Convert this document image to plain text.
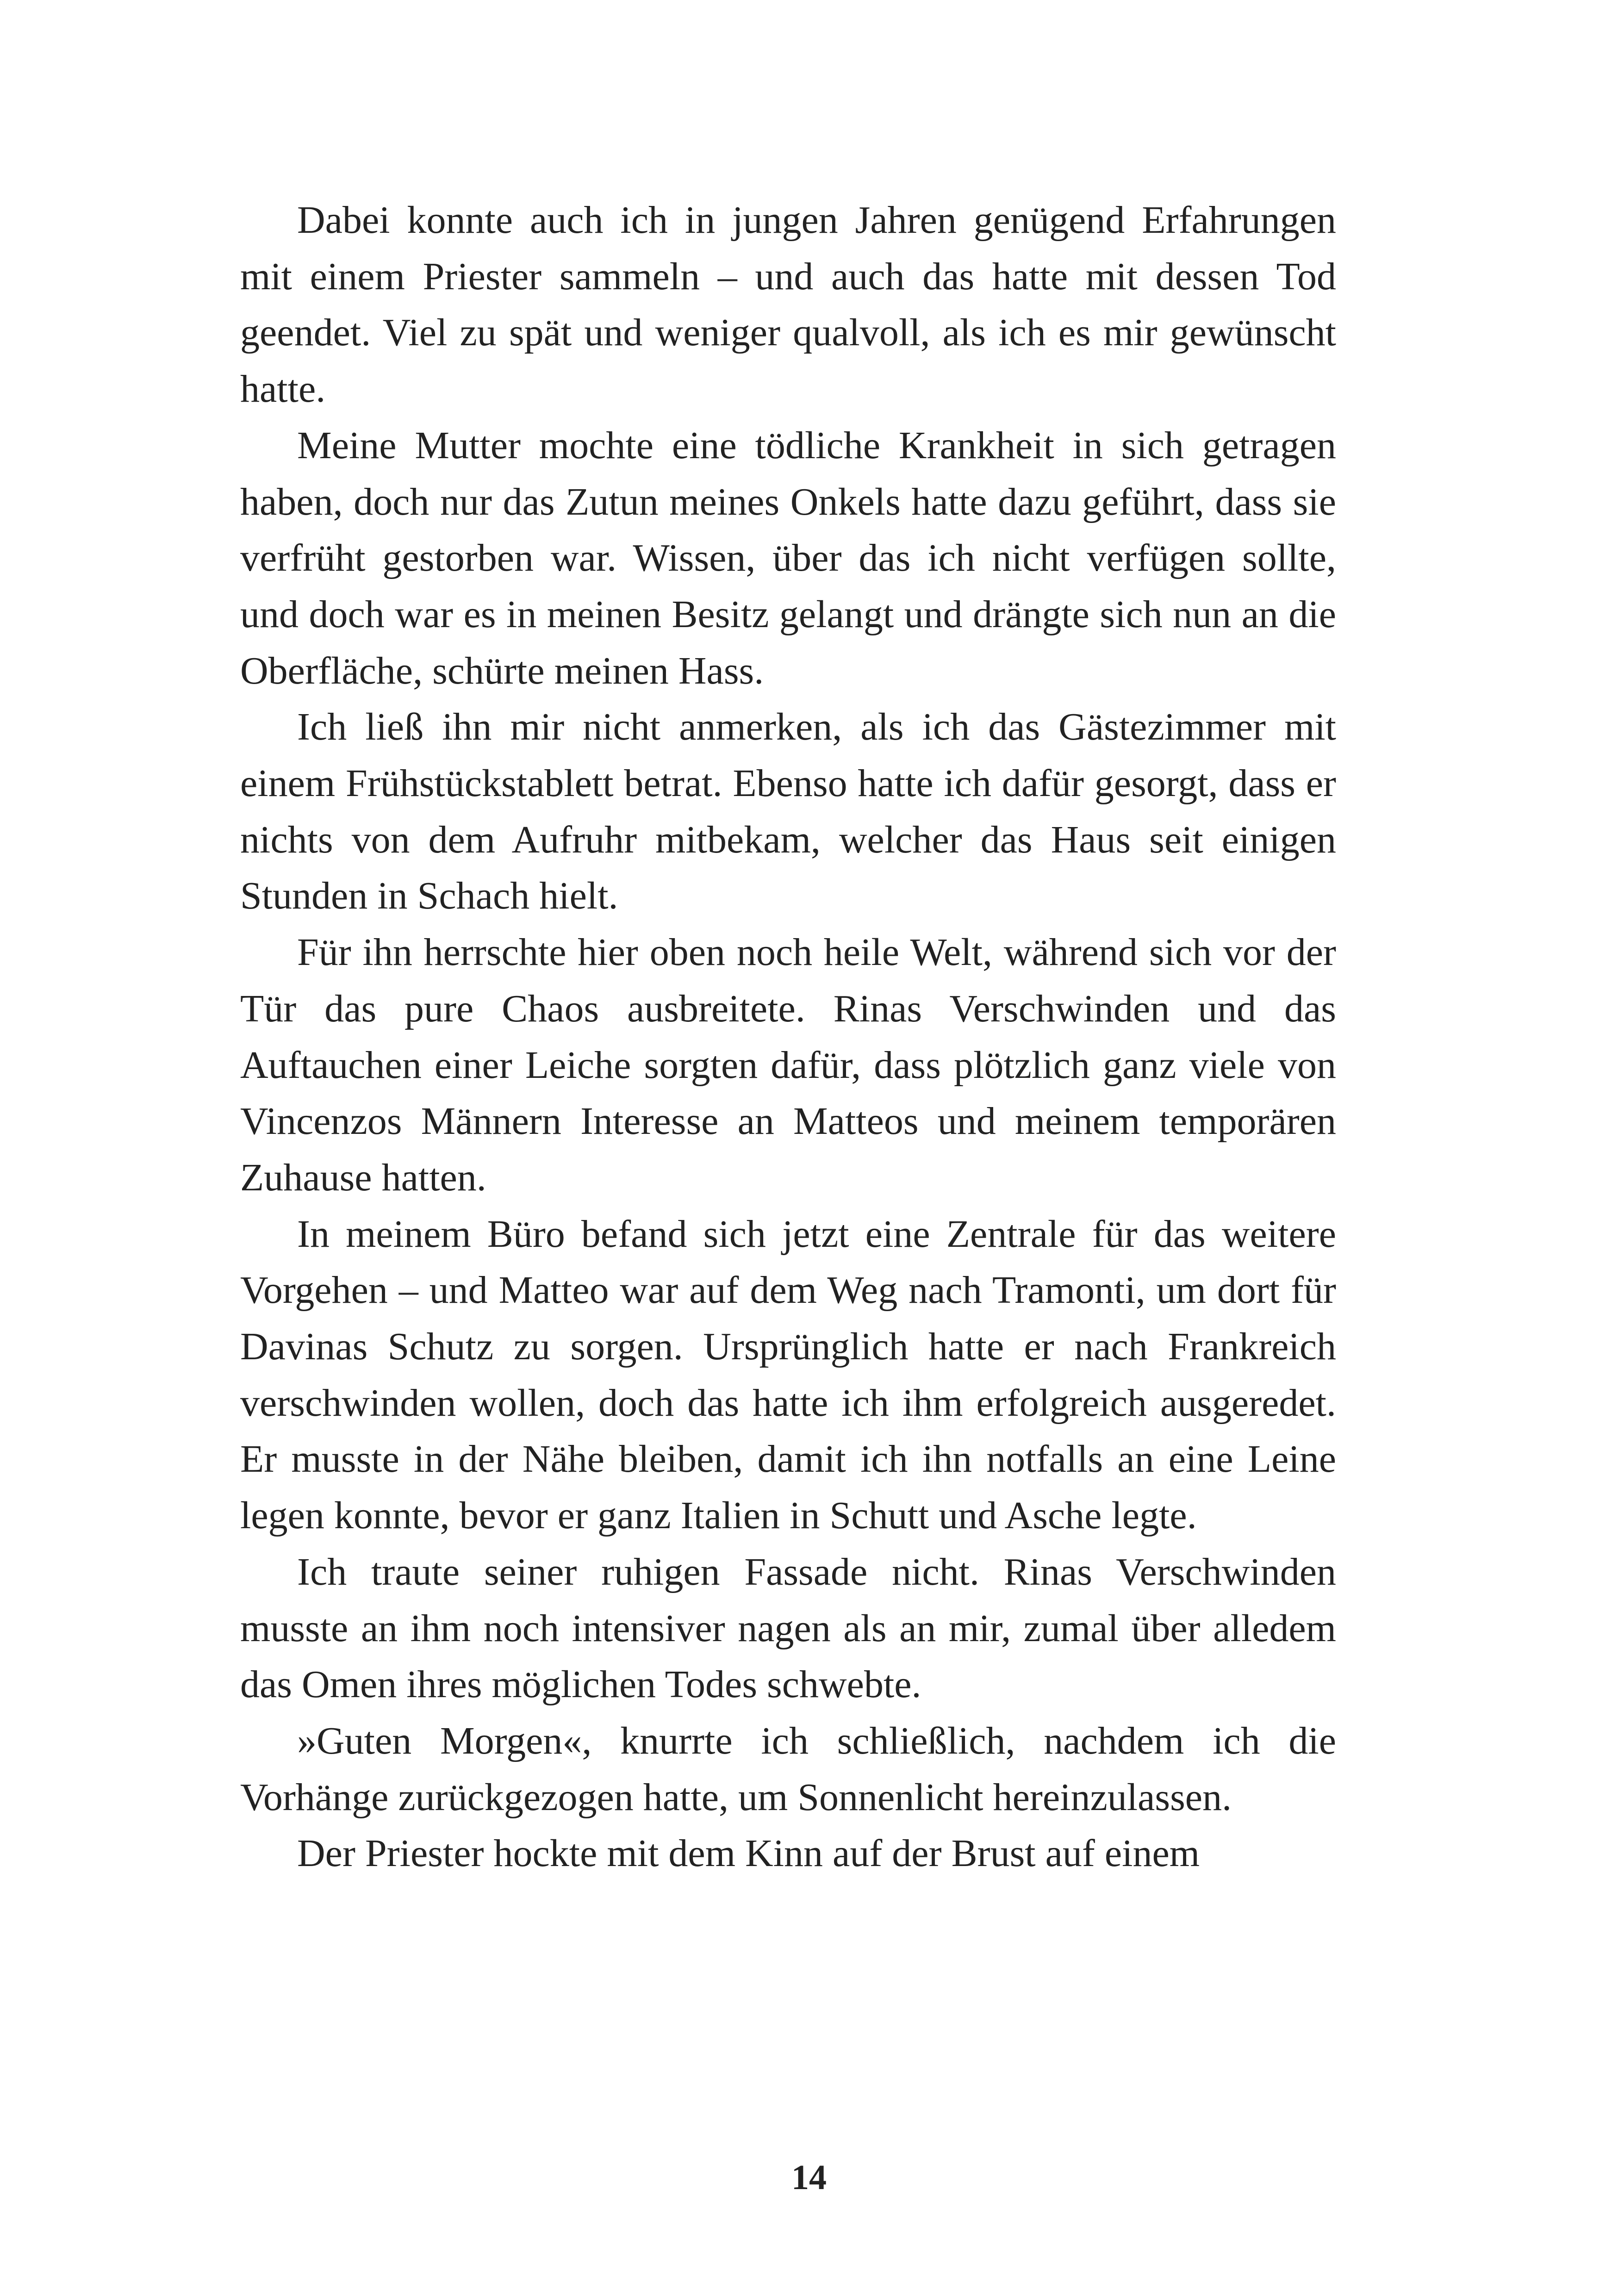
Dabei konnte auch ich in jungen Jahren genügend Erfahrungen mit einem Priester sammeln – und auch das hatte mit dessen Tod geendet. Viel zu spät und weniger qualvoll, als ich es mir gewünscht hatte.

Meine Mutter mochte eine tödliche Krankheit in sich getragen haben, doch nur das Zutun meines Onkels hatte dazu geführt, dass sie verfrüht gestorben war. Wissen, über das ich nicht verfügen sollte, und doch war es in meinen Besitz gelangt und drängte sich nun an die Oberfläche, schürte meinen Hass.

Ich ließ ihn mir nicht anmerken, als ich das Gästezimmer mit einem Frühstückstablett betrat. Ebenso hatte ich dafür gesorgt, dass er nichts von dem Aufruhr mitbekam, welcher das Haus seit einigen Stunden in Schach hielt.

Für ihn herrschte hier oben noch heile Welt, während sich vor der Tür das pure Chaos ausbreitete. Rinas Verschwinden und das Auftauchen einer Leiche sorgten dafür, dass plötzlich ganz viele von Vincenzos Männern Interesse an Matteos und meinem temporären Zuhause hatten.

In meinem Büro befand sich jetzt eine Zentrale für das weitere Vorgehen – und Matteo war auf dem Weg nach Tramonti, um dort für Davinas Schutz zu sorgen. Ursprünglich hatte er nach Frankreich verschwinden wollen, doch das hatte ich ihm erfolgreich ausgeredet. Er musste in der Nähe bleiben, damit ich ihn notfalls an eine Leine legen konnte, bevor er ganz Italien in Schutt und Asche legte.

Ich traute seiner ruhigen Fassade nicht. Rinas Verschwinden musste an ihm noch intensiver nagen als an mir, zumal über alledem das Omen ihres möglichen Todes schwebte.

»Guten Morgen«, knurrte ich schließlich, nachdem ich die Vorhänge zurückgezogen hatte, um Sonnenlicht hereinzulassen.

Der Priester hockte mit dem Kinn auf der Brust auf einem

14
